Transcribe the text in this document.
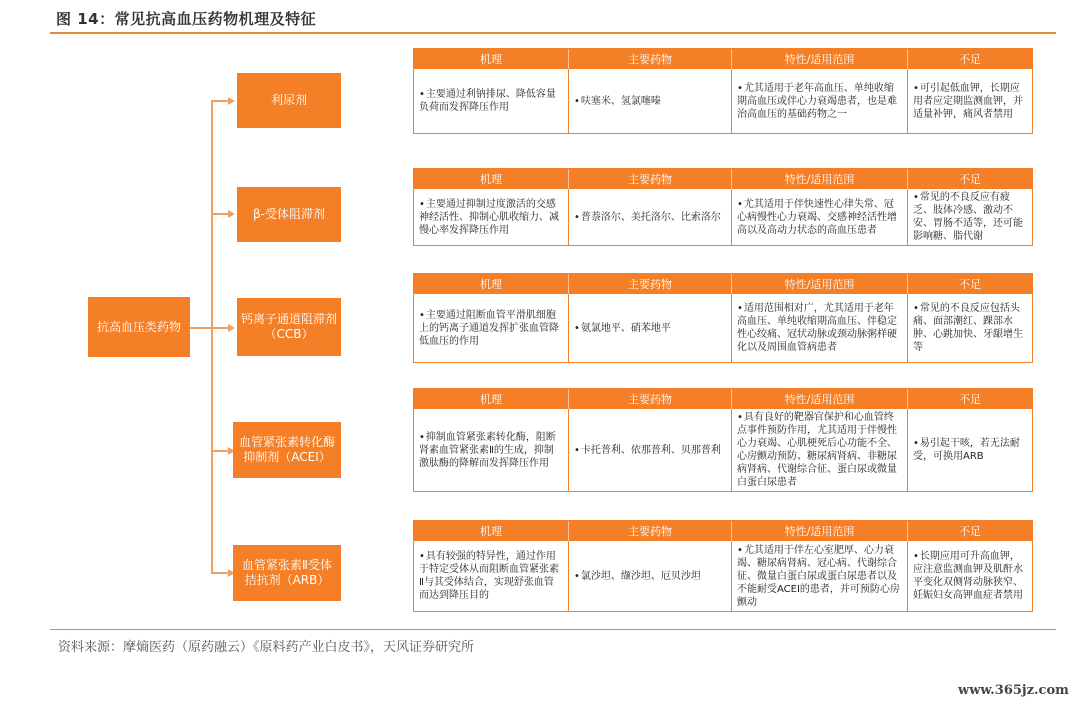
图 14：常见抗高血压药物机理及特征
抗高血压类药物
利尿剂
β-受体阻滞剂
钙离子通道阻滞剂
（CCB）
血管紧张素转化酶
抑制剂（ACEI）
血管紧张素Ⅱ受体
拮抗剂（ARB）
机理	主要药物	特性/适用范围	不足
• 主要通过利钠排尿、降低容量负荷而发挥降压作用
• 呋塞米、氢氯噻嗪
• 尤其适用于老年高血压、单纯收缩期高血压或伴心力衰竭患者，也是难治高血压的基础药物之一
• 可引起低血钾，长期应用者应定期监测血钾，并适量补钾，痛风者禁用
机理	主要药物	特性/适用范围	不足
• 主要通过抑制过度激活的交感神经活性、抑制心肌收缩力、减慢心率发挥降压作用
• 普萘洛尔、美托洛尔、比索洛尔
• 尤其适用于伴快速性心律失常、冠心病慢性心力衰竭、交感神经活性增高以及高动力状态的高血压患者
• 常见的不良反应有疲乏、肢体冷感、激动不安、胃肠不适等，还可能影响糖、脂代谢
机理	主要药物	特性/适用范围	不足
• 主要通过阻断血管平滑肌细胞上的钙离子通道发挥扩张血管降低血压的作用
• 氨氯地平、硝苯地平
• 适用范围相对广，尤其适用于老年高血压、单纯收缩期高血压、伴稳定性心绞痛、冠状动脉或颈动脉粥样硬化以及周围血管病患者
• 常见的不良反应包括头痛、面部潮红、踝部水肿、心跳加快、牙龈增生等
机理	主要药物	特性/适用范围	不足
• 抑制血管紧张素转化酶，阻断肾素血管紧张素Ⅱ的生成，抑制激肽酶的降解而发挥降压作用
• 卡托普利、依那普利、贝那普利
• 具有良好的靶器官保护和心血管终点事件预防作用，尤其适用于伴慢性心力衰竭、心肌梗死后心功能不全、心房颤动预防、糖尿病肾病、非糖尿病肾病、代谢综合征、蛋白尿或微量白蛋白尿患者
• 易引起干咳，若无法耐受，可换用ARB
机理	主要药物	特性/适用范围	不足
• 具有较强的特异性，通过作用于特定受体从而阻断血管紧张素Ⅱ与其受体结合，实现舒张血管而达到降压目的
• 氯沙坦、缬沙坦、厄贝沙坦
• 尤其适用于伴左心室肥厚、心力衰竭、糖尿病肾病、冠心病、代谢综合征、微量白蛋白尿或蛋白尿患者以及不能耐受ACEI的患者，并可预防心房颤动
• 长期应用可升高血钾，应注意监测血钾及肌酐水平变化双侧肾动脉狭窄、妊娠妇女高钾血症者禁用
资料来源：摩熵医药（原药融云）《原料药产业白皮书》，天风证券研究所
www.365jz.com
